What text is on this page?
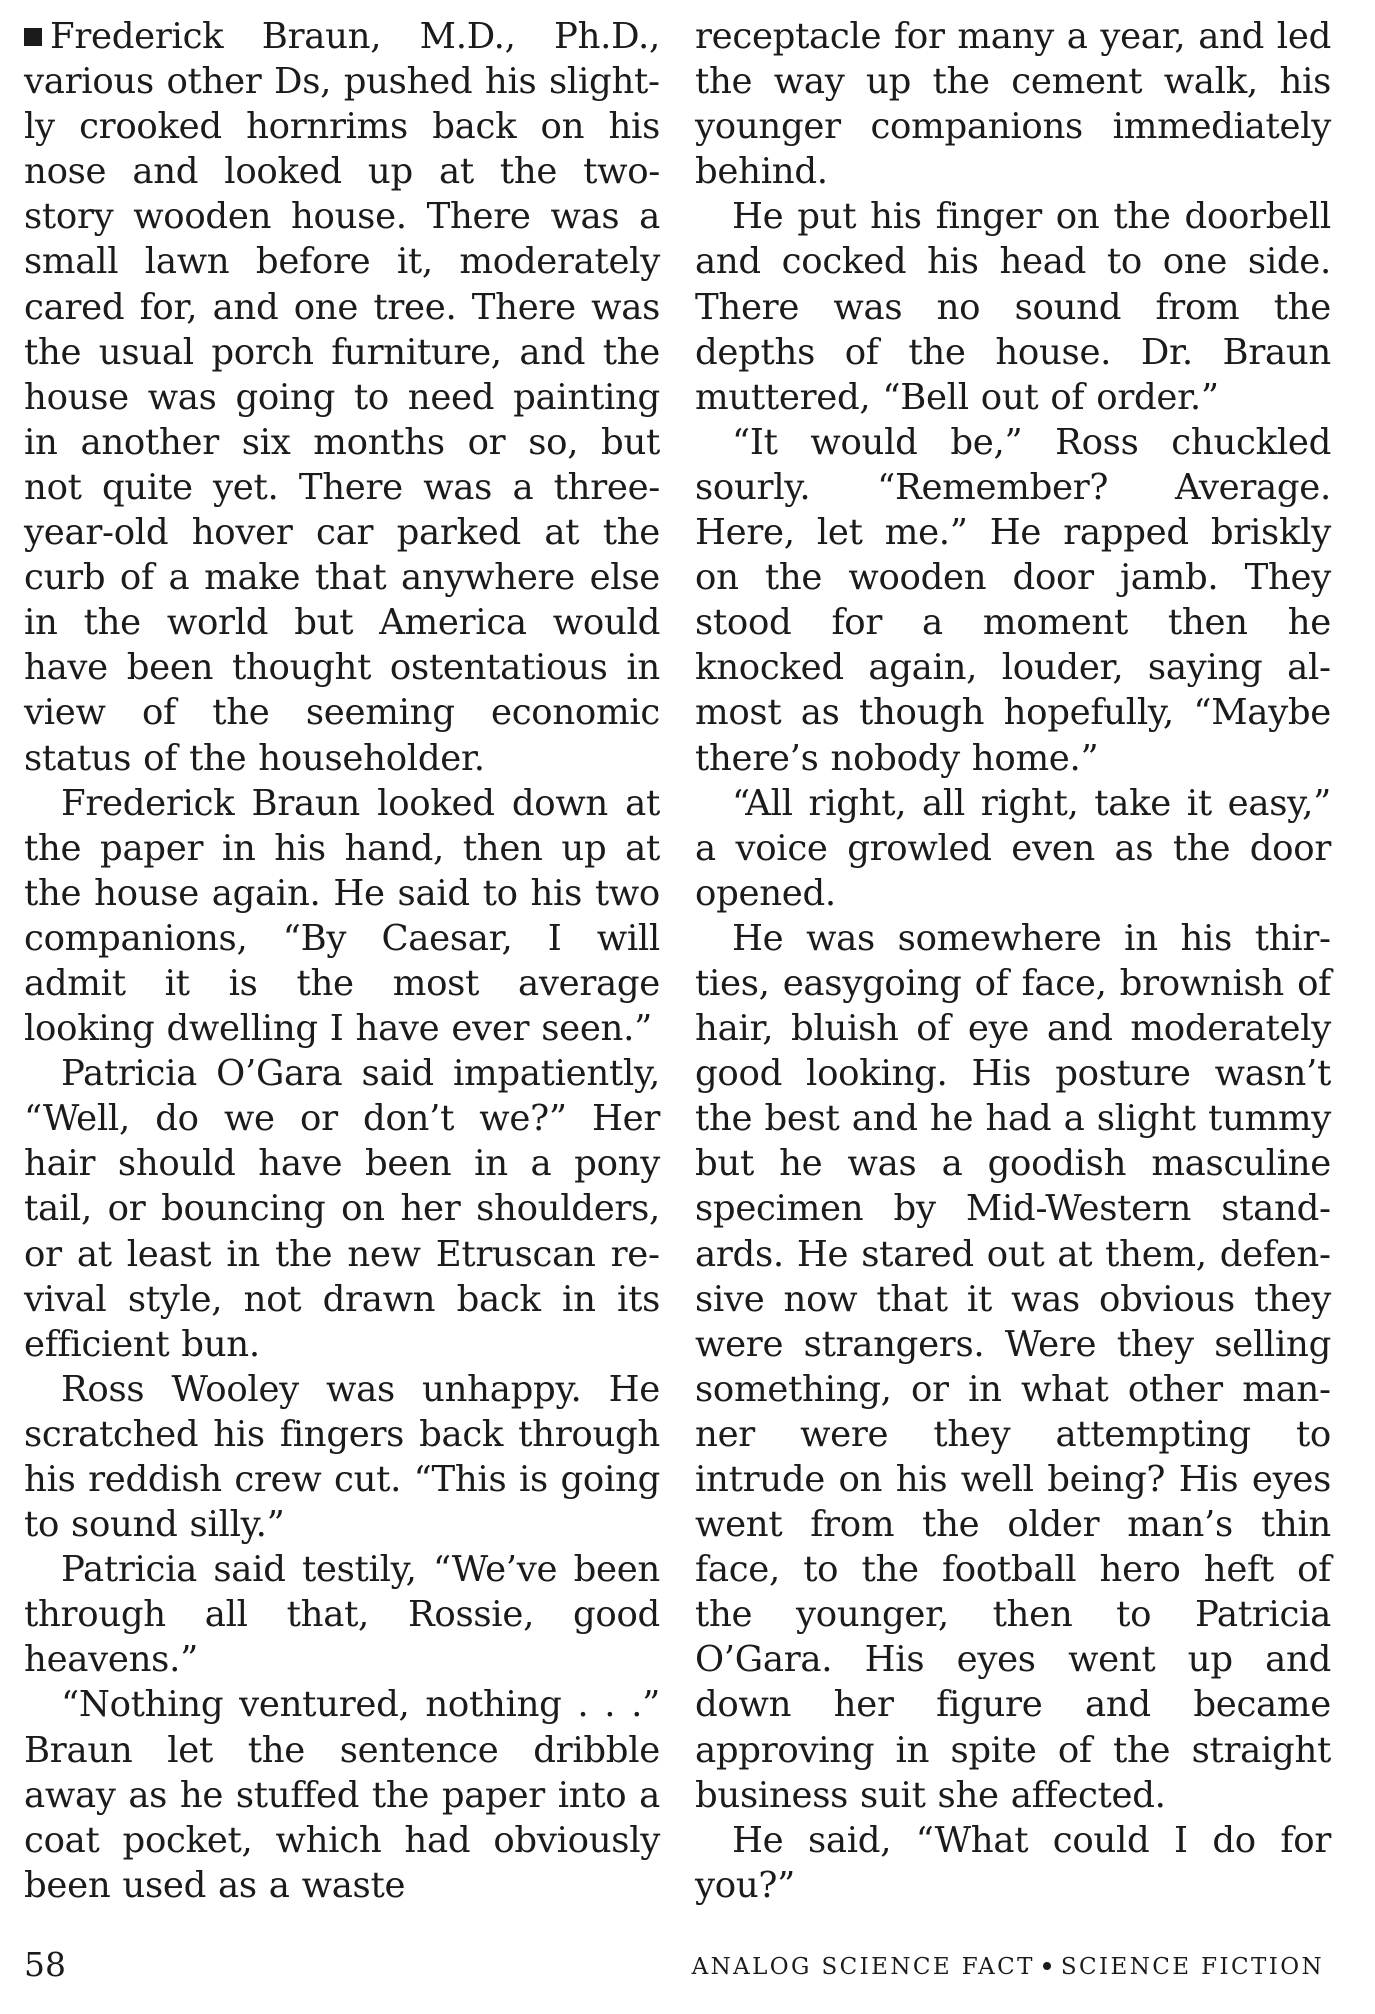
Frederick Braun, M.D., Ph.D., various other Ds, pushed his slightly crooked hornrims back on his nose and looked up at the two-story wooden house. There was a small lawn before it, moderately cared for, and one tree. There was the usual porch furniture, and the house was going to need painting in another six months or so, but not quite yet. There was a three-year-old hover car parked at the curb of a make that anywhere else in the world but America would have been thought ostentatious in view of the seeming economic status of the householder.

Frederick Braun looked down at the paper in his hand, then up at the house again. He said to his two companions, “By Caesar, I will admit it is the most average looking dwelling I have ever seen.”

Patricia O’Gara said impatiently, “Well, do we or don’t we?” Her hair should have been in a pony tail, or bouncing on her shoulders, or at least in the new Etruscan revival style, not drawn back in its efficient bun.

Ross Wooley was unhappy. He scratched his fingers back through his reddish crew cut. “This is going to sound silly.”

Patricia said testily, “We’ve been through all that, Rossie, good heavens.”

“Nothing ventured, nothing . . .” Braun let the sentence dribble away as he stuffed the paper into a coat pocket, which had obviously been used as a waste

receptacle for many a year, and led the way up the cement walk, his younger companions immediately behind.

He put his finger on the doorbell and cocked his head to one side. There was no sound from the depths of the house. Dr. Braun muttered, “Bell out of order.”

“It would be,” Ross chuckled sourly. “Remember? Average. Here, let me.” He rapped briskly on the wooden door jamb. They stood for a moment then he knocked again, louder, saying almost as though hopefully, “Maybe there’s nobody home.”

“All right, all right, take it easy,” a voice growled even as the door opened.

He was somewhere in his thirties, easygoing of face, brownish of hair, bluish of eye and moderately good looking. His posture wasn’t the best and he had a slight tummy but he was a goodish masculine specimen by Mid-Western standards. He stared out at them, defensive now that it was obvious they were strangers. Were they selling something, or in what other manner were they attempting to intrude on his well being? His eyes went from the older man’s thin face, to the football hero heft of the younger, then to Patricia O’Gara. His eyes went up and down her figure and became approving in spite of the straight business suit she affected.

He said, “What could I do for you?”

58	ANALOG SCIENCE FACT SCIENCE FICTION
